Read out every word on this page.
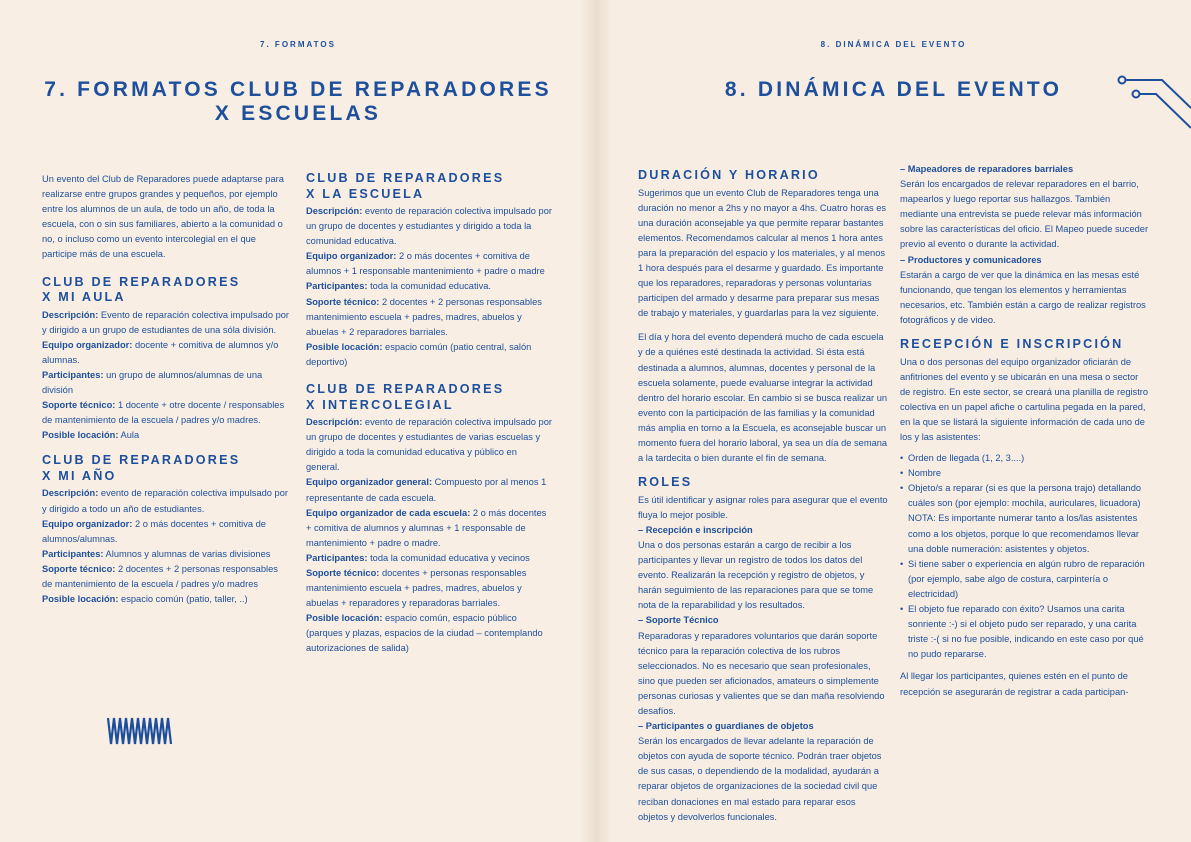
7. FORMATOS
7. FORMATOS CLUB DE REPARADORES
X ESCUELAS

Un evento del Club de Reparadores puede adaptarse para realizarse entre grupos grandes y pequeños, por ejemplo entre los alumnos de un aula, de todo un año, de toda la escuela, con o sin sus familiares, abierto a la comunidad o no, o incluso como un evento intercolegial en el que participe más de una escuela.

CLUB DE REPARADORES
X MI AULA

Descripción: Evento de reparación colectiva impulsado por y dirigido a un grupo de estudiantes de una sóla división.

Equipo organizador: docente + comitiva de alumnos y/o alumnas.

Participantes: un grupo de alumnos/alumnas de una división

Soporte técnico: 1 docente + otre docente / responsables de mantenimiento de la escuela / padres y/o madres.

Posible locación: Aula

CLUB DE REPARADORES
X MI AÑO

Descripción: evento de reparación colectiva impulsado por y dirigido a todo un año de estudiantes.

Equipo organizador: 2 o más docentes + comitiva de alumnos/alumnas.

Participantes: Alumnos y alumnas de varias divisiones

Soporte técnico: 2 docentes + 2 personas responsables de mantenimiento de la escuela / padres y/o madres

Posible locación: espacio común (patio, taller, ..)

CLUB DE REPARADORES
X LA ESCUELA

Descripción: evento de reparación colectiva impulsado por un grupo de docentes y estudiantes y dirigido a toda la comunidad educativa.

Equipo organizador: 2 o más docentes + comitiva de alumnos + 1 responsable mantenimiento + padre o madre

Participantes: toda la comunidad educativa.

Soporte técnico: 2 docentes + 2 personas responsables mantenimiento escuela + padres, madres, abuelos y abuelas + 2 reparadores barriales.

Posible locación: espacio común (patio central, salón deportivo)

CLUB DE REPARADORES
X INTERCOLEGIAL

Descripción: evento de reparación colectiva impulsado por un grupo de docentes y estudiantes de varias escuelas y dirigido a toda la comunidad educativa y público en general.

Equipo organizador general: Compuesto por al menos 1 representante de cada escuela.

Equipo organizador de cada escuela: 2 o más docentes + comitiva de alumnos y alumnas + 1 responsable de mantenimiento + padre o madre.

Participantes: toda la comunidad educativa y vecinos

Soporte técnico: docentes + personas responsables mantenimiento escuela + padres, madres, abuelos y abuelas + reparadores y reparadoras barriales.

Posible locación: espacio común, espacio público (parques y plazas, espacios de la ciudad – contemplando autorizaciones de salida)

8. DINÁMICA DEL EVENTO
8. DINÁMICA DEL EVENTO
DURACIÓN Y HORARIO

Sugerimos que un evento Club de Reparadores tenga una duración no menor a 2hs y no mayor a 4hs. Cuatro horas es una duración aconsejable ya que permite reparar bastantes elementos. Recomendamos calcular al menos 1 hora antes para la preparación del espacio y los materiales, y al menos 1 hora después para el desarme y guardado. Es importante que los reparadores, reparadoras y personas voluntarias participen del armado y desarme para preparar sus mesas de trabajo y materiales, y guardarlas para la vez siguiente.

El día y hora del evento dependerá mucho de cada escuela y de a quiénes esté destinada la actividad. Si ésta está destinada a alumnos, alumnas, docentes y personal de la escuela solamente, puede evaluarse integrar la actividad dentro del horario escolar. En cambio si se busca realizar un evento con la participación de las familias y la comunidad más amplia en torno a la Escuela, es aconsejable buscar un momento fuera del horario laboral, ya sea un día de semana a la tardecita o bien durante el fin de semana.

ROLES

Es útil identificar y asignar roles para asegurar que el evento fluya lo mejor posible.

– Recepción e inscripción

Una o dos personas estarán a cargo de recibir a los participantes y llevar un registro de todos los datos del evento. Realizarán la recepción y registro de objetos, y harán seguimiento de las reparaciones para que se tome nota de la reparabilidad y los resultados.

– Soporte Técnico

Reparadoras y reparadores voluntarios que darán soporte técnico para la reparación colectiva de los rubros seleccionados. No es necesario que sean profesionales, sino que pueden ser aficionados, amateurs o simplemente personas curiosas y valientes que se dan maña resolviendo desafíos.

– Participantes o guardianes de objetos

Serán los encargados de llevar adelante la reparación de objetos con ayuda de soporte técnico. Podrán traer objetos de sus casas, o dependiendo de la modalidad, ayudarán a reparar objetos de organizaciones de la sociedad civil que reciban donaciones en mal estado para reparar esos objetos y devolverlos funcionales.

– Mapeadores de reparadores barriales

Serán los encargados de relevar reparadores en el barrio, mapearlos y luego reportar sus hallazgos. También mediante una entrevista se puede relevar más información sobre las características del oficio. El Mapeo puede suceder previo al evento o durante la actividad.

– Productores y comunicadores

Estarán a cargo de ver que la dinámica en las mesas esté funcionando, que tengan los elementos y herramientas necesarios, etc. También están a cargo de realizar registros fotográficos y de video.

RECEPCIÓN E INSCRIPCIÓN

Una o dos personas del equipo organizador oficiarán de anfitriones del evento y se ubicarán en una mesa o sector de registro. En este sector, se creará una planilla de registro colectiva en un papel afiche o cartulina pegada en la pared, en la que se listará la siguiente información de cada uno de los y las asistentes:

• Orden de llegada (1, 2, 3....)
• Nombre
• Objeto/s a reparar (si es que la persona trajo) detallando cuáles son (por ejemplo: mochila, auriculares, licuadora) NOTA: Es importante numerar tanto a los/las asistentes como a los objetos, porque lo que recomendamos llevar una doble numeración: asistentes y objetos.
• Si tiene saber o experiencia en algún rubro de reparación (por ejemplo, sabe algo de costura, carpintería o electricidad)
• El objeto fue reparado con éxito? Usamos una carita sonriente :-) si el objeto pudo ser reparado, y una carita triste :-( si no fue posible, indicando en este caso por qué no pudo repararse.

Al llegar los participantes, quienes estén en el punto de recepción se asegurarán de registrar a cada participan-
